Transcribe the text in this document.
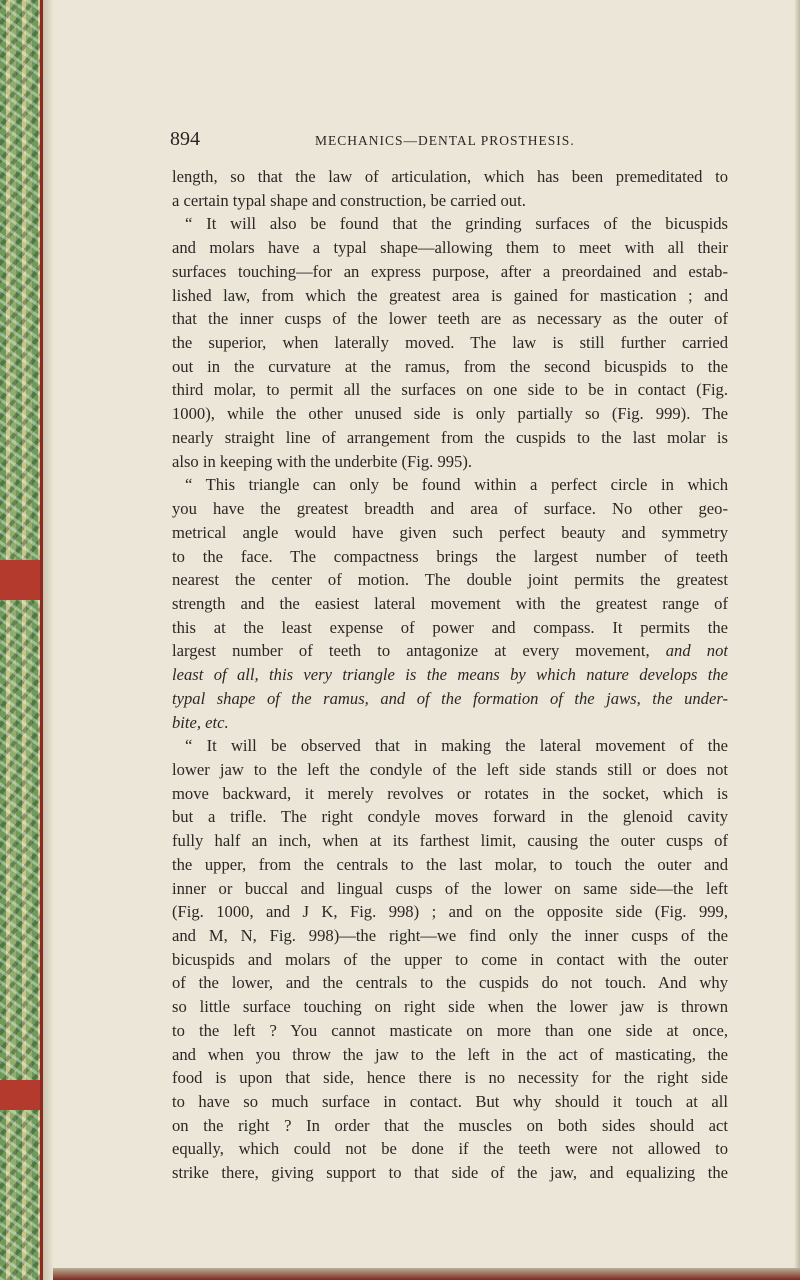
894	MECHANICS—DENTAL PROSTHESIS.
length, so that the law of articulation, which has been premeditated to
a certain typal shape and construction, be carried out.
“ It will also be found that the grinding surfaces of the bicuspids
and molars have a typal shape—allowing them to meet with all their
surfaces touching—for an express purpose, after a preordained and estab-
lished law, from which the greatest area is gained for mastication ; and
that the inner cusps of the lower teeth are as necessary as the outer of
the superior, when laterally moved. The law is still further carried
out in the curvature at the ramus, from the second bicuspids to the
third molar, to permit all the surfaces on one side to be in contact (Fig.
1000), while the other unused side is only partially so (Fig. 999). The
nearly straight line of arrangement from the cuspids to the last molar is
also in keeping with the underbite (Fig. 995).
“ This triangle can only be found within a perfect circle in which
you have the greatest breadth and area of surface. No other geo-
metrical angle would have given such perfect beauty and symmetry
to the face. The compactness brings the largest number of teeth
nearest the center of motion. The double joint permits the greatest
strength and the easiest lateral movement with the greatest range of
this at the least expense of power and compass. It permits the
largest number of teeth to antagonize at every movement, and not
least of all, this very triangle is the means by which nature develops the
typal shape of the ramus, and of the formation of the jaws, the under-
bite, etc.
“ It will be observed that in making the lateral movement of the
lower jaw to the left the condyle of the left side stands still or does not
move backward, it merely revolves or rotates in the socket, which is
but a trifle. The right condyle moves forward in the glenoid cavity
fully half an inch, when at its farthest limit, causing the outer cusps of
the upper, from the centrals to the last molar, to touch the outer and
inner or buccal and lingual cusps of the lower on same side—the left
(Fig. 1000, and J K, Fig. 998) ; and on the opposite side (Fig. 999,
and M, N, Fig. 998)—the right—we find only the inner cusps of the
bicuspids and molars of the upper to come in contact with the outer
of the lower, and the centrals to the cuspids do not touch. And why
so little surface touching on right side when the lower jaw is thrown
to the left ? You cannot masticate on more than one side at once,
and when you throw the jaw to the left in the act of masticating, the
food is upon that side, hence there is no necessity for the right side
to have so much surface in contact. But why should it touch at all
on the right ? In order that the muscles on both sides should act
equally, which could not be done if the teeth were not allowed to
strike there, giving support to that side of the jaw, and equalizing the
